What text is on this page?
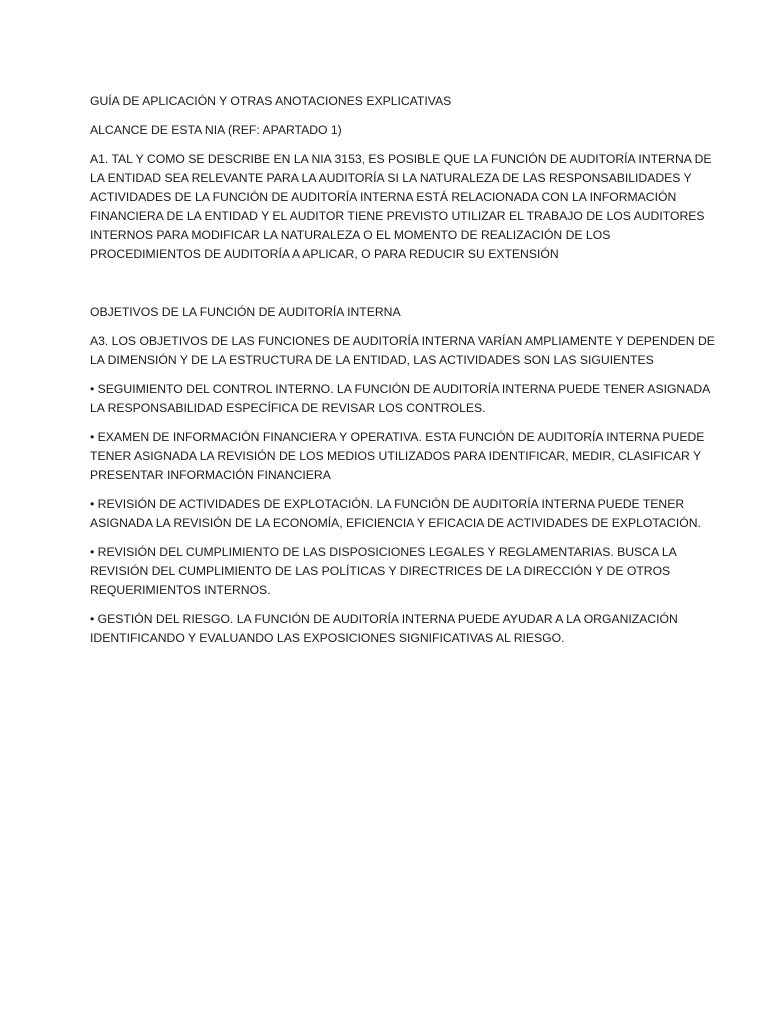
GUÍA DE APLICACIÓN Y OTRAS ANOTACIONES EXPLICATIVAS

ALCANCE DE ESTA NIA (REF: APARTADO 1)

A1. TAL Y COMO SE DESCRIBE EN LA NIA 3153, ES POSIBLE QUE LA FUNCIÓN DE AUDITORÍA INTERNA DE
LA ENTIDAD SEA RELEVANTE PARA LA AUDITORÍA SI LA NATURALEZA DE LAS RESPONSABILIDADES Y
ACTIVIDADES DE LA FUNCIÓN DE AUDITORÍA INTERNA ESTÁ RELACIONADA CON LA INFORMACIÓN
FINANCIERA DE LA ENTIDAD Y EL AUDITOR TIENE PREVISTO UTILIZAR EL TRABAJO DE LOS AUDITORES
INTERNOS PARA MODIFICAR LA NATURALEZA O EL MOMENTO DE REALIZACIÓN DE LOS
PROCEDIMIENTOS DE AUDITORÍA A APLICAR, O PARA REDUCIR SU EXTENSIÓN

OBJETIVOS DE LA FUNCIÓN DE AUDITORÍA INTERNA

A3. LOS OBJETIVOS DE LAS FUNCIONES DE AUDITORÍA INTERNA VARÍAN AMPLIAMENTE Y DEPENDEN DE
LA DIMENSIÓN Y DE LA ESTRUCTURA DE LA ENTIDAD, LAS ACTIVIDADES SON LAS SIGUIENTES

• SEGUIMIENTO DEL CONTROL INTERNO. LA FUNCIÓN DE AUDITORÍA INTERNA PUEDE TENER ASIGNADA
LA RESPONSABILIDAD ESPECÍFICA DE REVISAR LOS CONTROLES.

• EXAMEN DE INFORMACIÓN FINANCIERA Y OPERATIVA. ESTA FUNCIÓN DE AUDITORÍA INTERNA PUEDE
TENER ASIGNADA LA REVISIÓN DE LOS MEDIOS UTILIZADOS PARA IDENTIFICAR, MEDIR, CLASIFICAR Y
PRESENTAR INFORMACIÓN FINANCIERA

• REVISIÓN DE ACTIVIDADES DE EXPLOTACIÓN. LA FUNCIÓN DE AUDITORÍA INTERNA PUEDE TENER
ASIGNADA LA REVISIÓN DE LA ECONOMÍA, EFICIENCIA Y EFICACIA DE ACTIVIDADES DE EXPLOTACIÓN.

• REVISIÓN DEL CUMPLIMIENTO DE LAS DISPOSICIONES LEGALES Y REGLAMENTARIAS. BUSCA LA
REVISIÓN DEL CUMPLIMIENTO DE LAS POLÍTICAS Y DIRECTRICES DE LA DIRECCIÓN Y DE OTROS
REQUERIMIENTOS INTERNOS.

• GESTIÓN DEL RIESGO. LA FUNCIÓN DE AUDITORÍA INTERNA PUEDE AYUDAR A LA ORGANIZACIÓN
IDENTIFICANDO Y EVALUANDO LAS EXPOSICIONES SIGNIFICATIVAS AL RIESGO.
